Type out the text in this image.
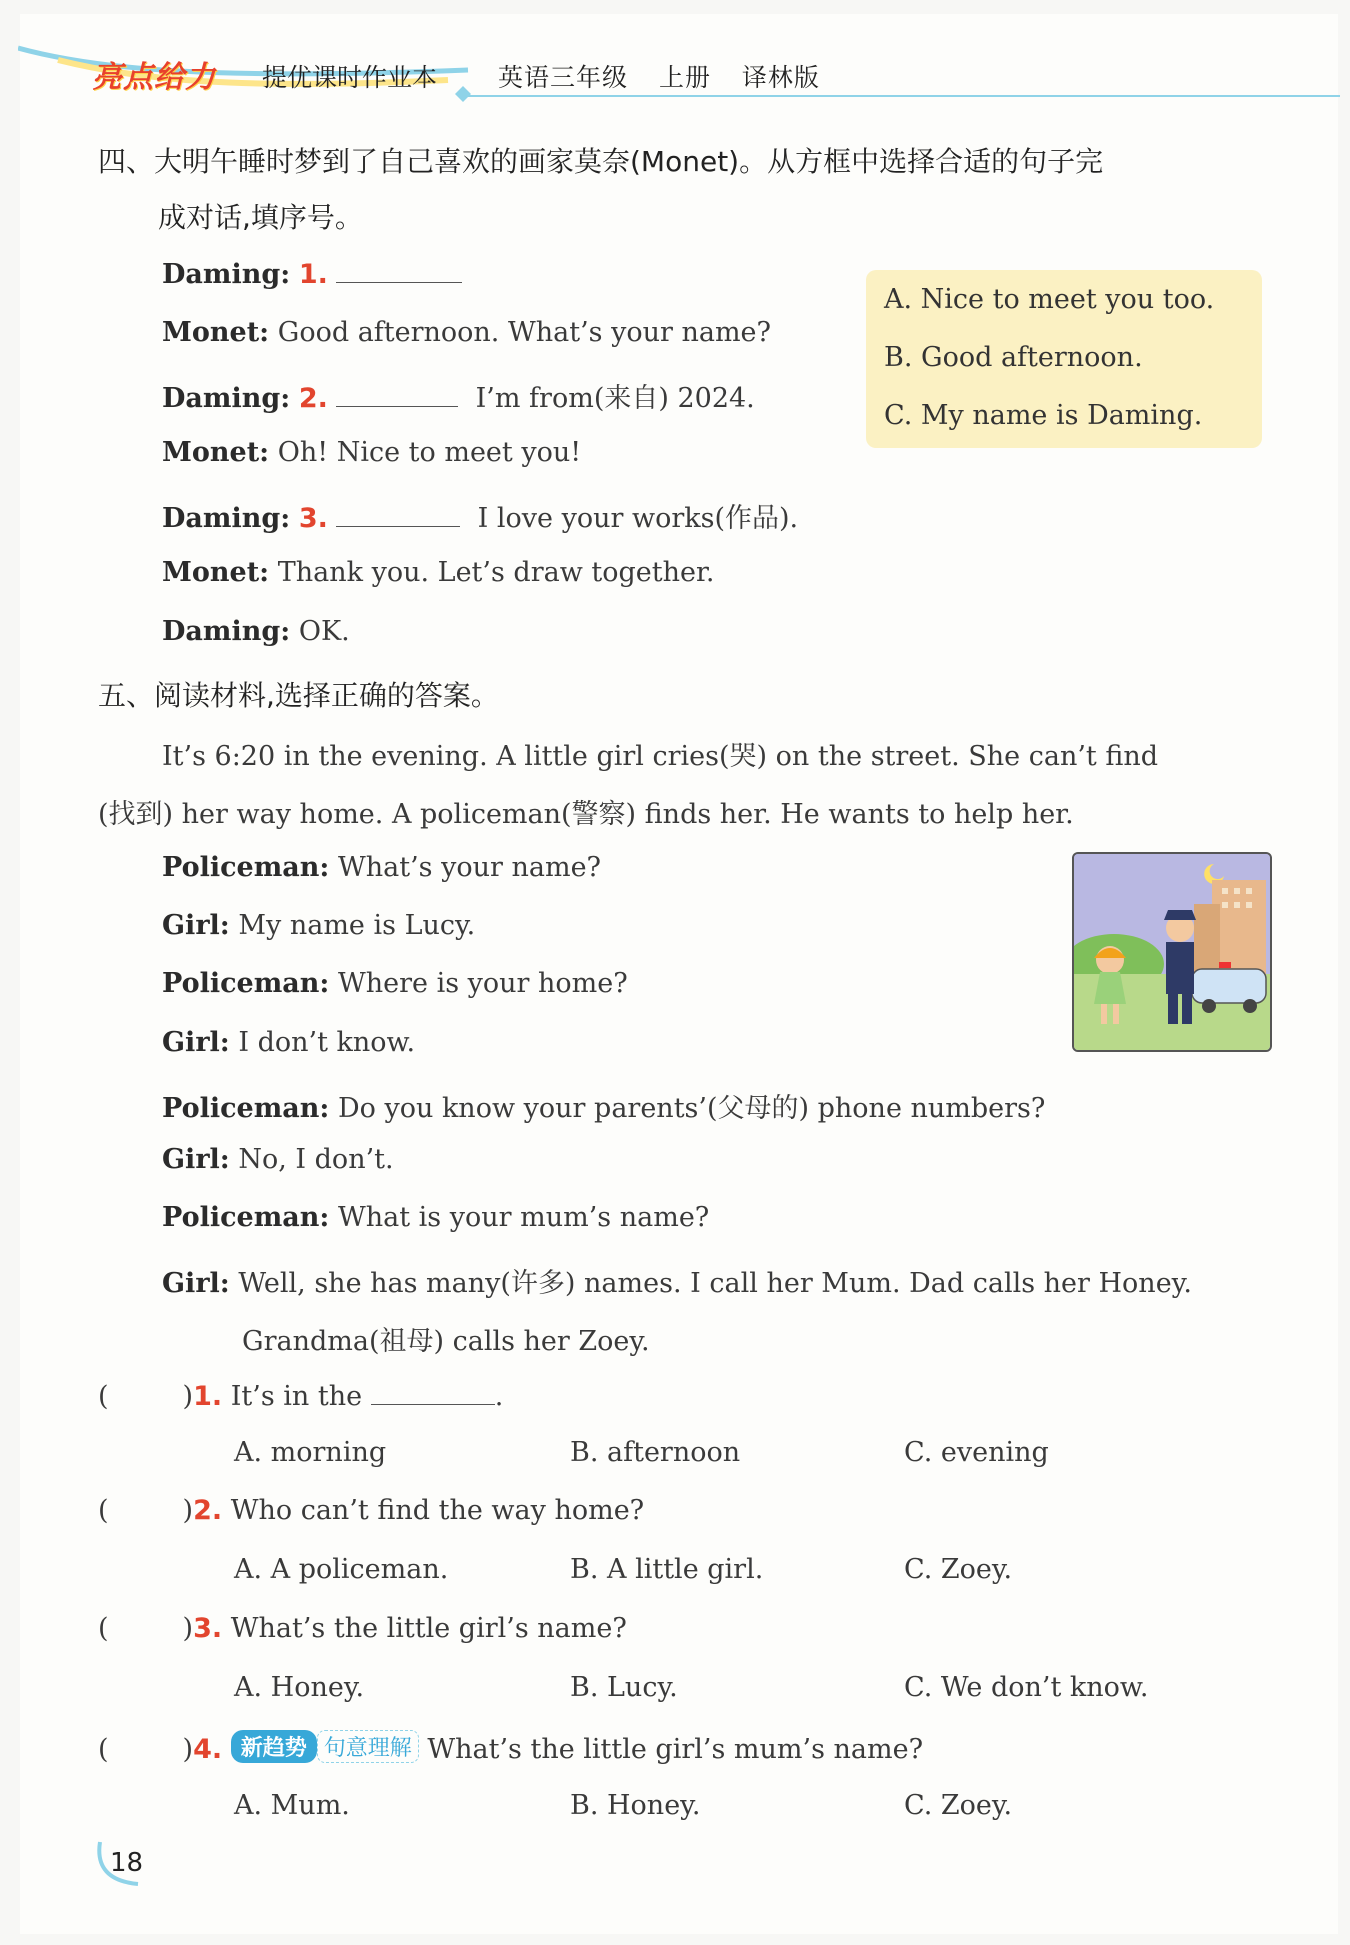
亮点给力 提优课时作业本 英语三年级 上册 译林版
四、大明午睡时梦到了自己喜欢的画家莫奈(Monet)。从方框中选择合适的句子完
成对话,填序号。
Daming: 1.
Monet: Good afternoon. What’s your name?
Daming: 2.	I’m from(来自) 2024.
Monet: Oh! Nice to meet you!
Daming: 3.	I love your works(作品).
Monet: Thank you. Let’s draw together.
Daming: OK.
A. Nice to meet you too.
B. Good afternoon.
C. My name is Daming.
五、阅读材料,选择正确的答案。
It’s 6:20 in the evening. A little girl cries(哭) on the street. She can’t find
(找到) her way home. A policeman(警察) finds her. He wants to help her.
Policeman: What’s your name?
Girl: My name is Lucy.
Policeman: Where is your home?
Girl: I don’t know.
Policeman: Do you know your parents’(父母的) phone numbers?
Girl: No, I don’t.
Policeman: What is your mum’s name?
Girl: Well, she has many(许多) names. I call her Mum. Dad calls her Honey.
Grandma(祖母) calls her Zoey.
(	)1. It’s in the	.
A. morning	B. afternoon	C. evening
(	)2. Who can’t find the way home?
A. A policeman.	B. A little girl.	C. Zoey.
(	)3. What’s the little girl’s name?
A. Honey.	B. Lucy.	C. We don’t know.
(	)4. 新趋势 句意理解 What’s the little girl’s mum’s name?
A. Mum.	B. Honey.	C. Zoey.
18
